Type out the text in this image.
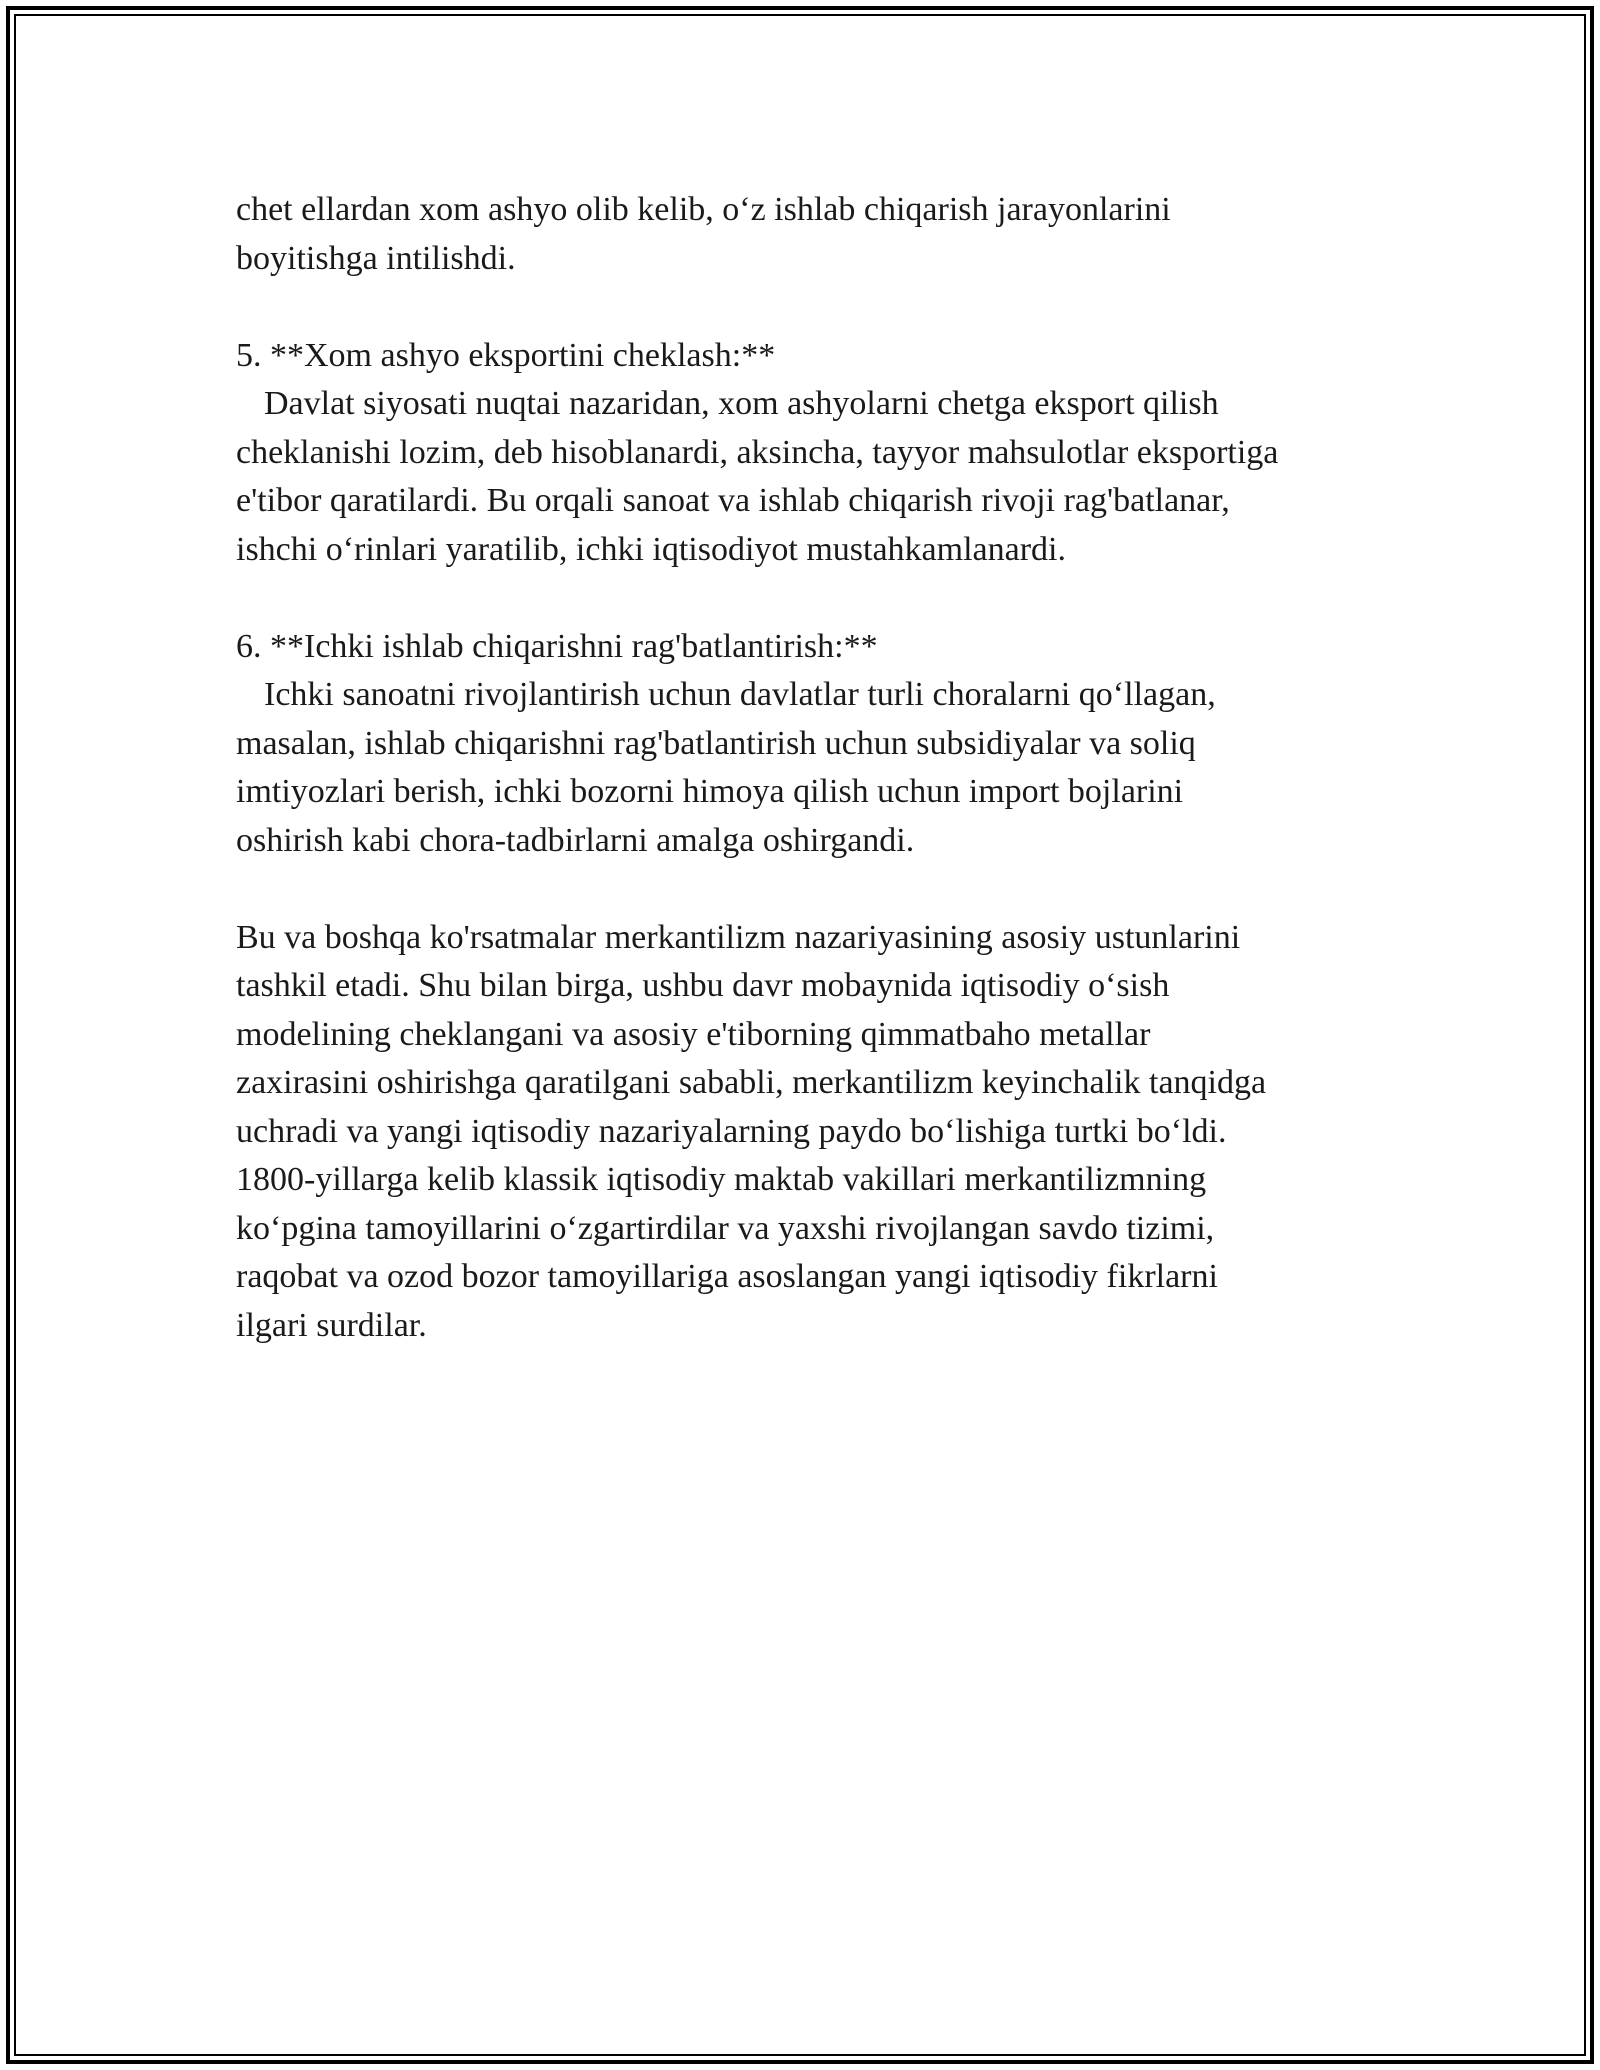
chet ellardan xom ashyo olib kelib, o‘z ishlab chiqarish jarayonlarini
boyitishga intilishdi.
5. **Xom ashyo eksportini cheklash:**
Davlat siyosati nuqtai nazaridan, xom ashyolarni chetga eksport qilish
cheklanishi lozim, deb hisoblanardi, aksincha, tayyor mahsulotlar eksportiga
e'tibor qaratilardi. Bu orqali sanoat va ishlab chiqarish rivoji rag'batlanar,
ishchi o‘rinlari yaratilib, ichki iqtisodiyot mustahkamlanardi.
6. **Ichki ishlab chiqarishni rag'batlantirish:**
Ichki sanoatni rivojlantirish uchun davlatlar turli choralarni qo‘llagan,
masalan, ishlab chiqarishni rag'batlantirish uchun subsidiyalar va soliq
imtiyozlari berish, ichki bozorni himoya qilish uchun import bojlarini
oshirish kabi chora-tadbirlarni amalga oshirgandi.
Bu va boshqa ko'rsatmalar merkantilizm nazariyasining asosiy ustunlarini
tashkil etadi. Shu bilan birga, ushbu davr mobaynida iqtisodiy o‘sish
modelining cheklangani va asosiy e'tiborning qimmatbaho metallar
zaxirasini oshirishga qaratilgani sababli, merkantilizm keyinchalik tanqidga
uchradi va yangi iqtisodiy nazariyalarning paydo bo‘lishiga turtki bo‘ldi.
1800-yillarga kelib klassik iqtisodiy maktab vakillari merkantilizmning
ko‘pgina tamoyillarini o‘zgartirdilar va yaxshi rivojlangan savdo tizimi,
raqobat va ozod bozor tamoyillariga asoslangan yangi iqtisodiy fikrlarni
ilgari surdilar.
